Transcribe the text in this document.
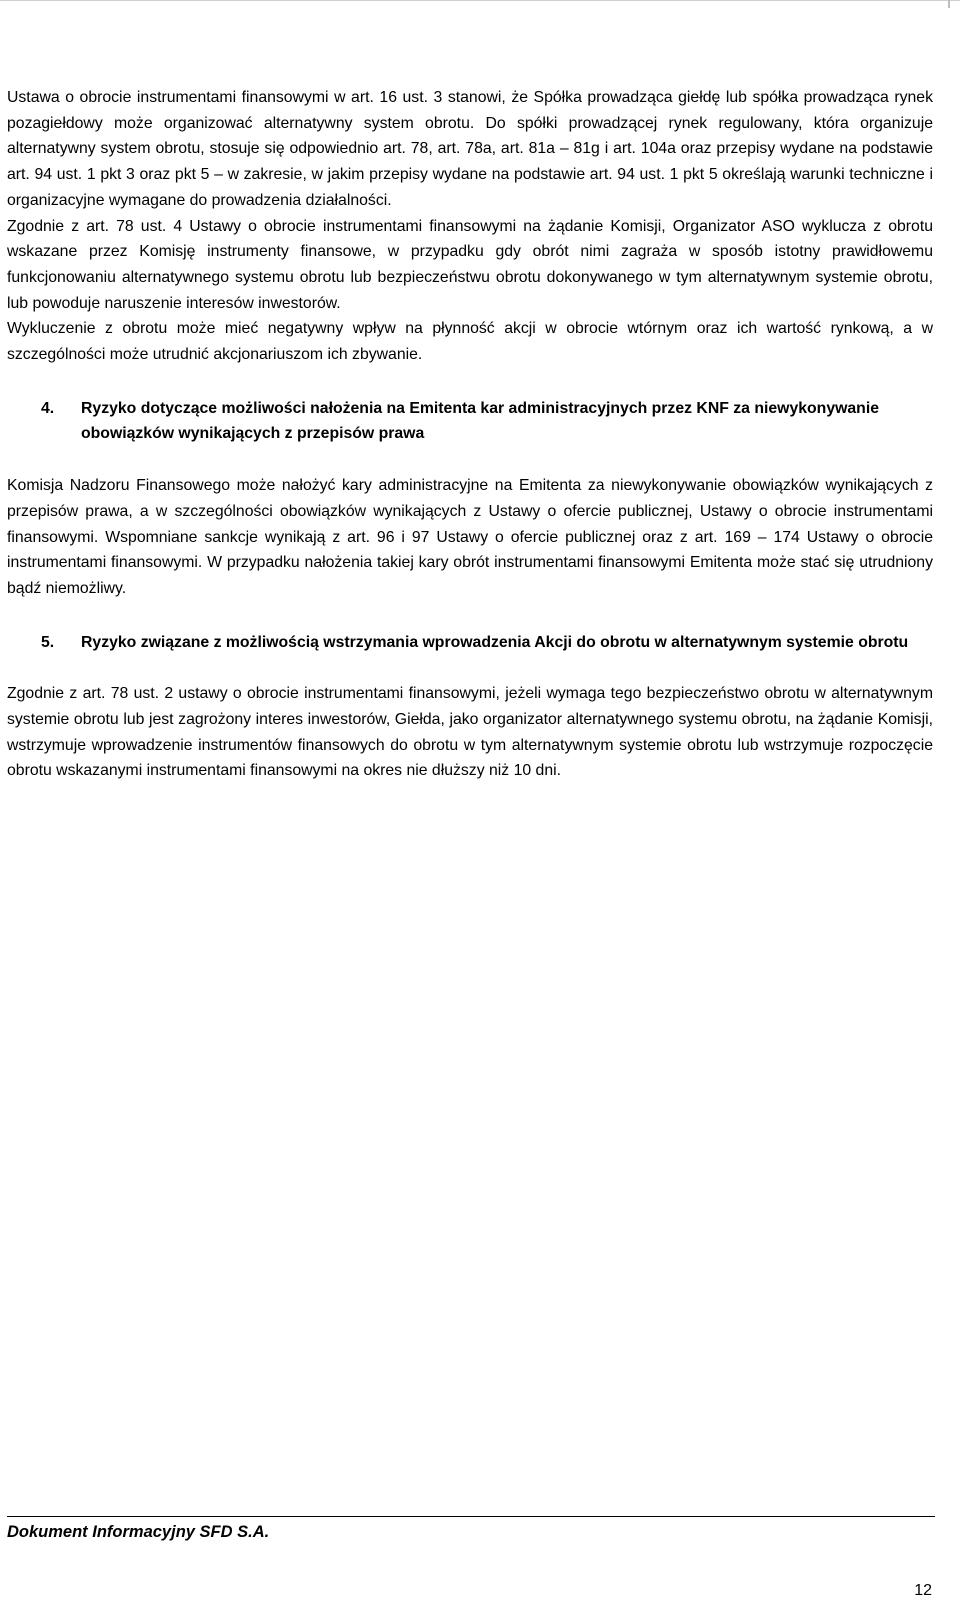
Ustawa o obrocie instrumentami finansowymi w art. 16 ust. 3 stanowi, że Spółka prowadząca giełdę lub spółka prowadząca rynek pozagiełdowy może organizować alternatywny system obrotu. Do spółki prowadzącej rynek regulowany, która organizuje alternatywny system obrotu, stosuje się odpowiednio art. 78, art. 78a, art. 81a – 81g i art. 104a oraz przepisy wydane na podstawie art. 94 ust. 1 pkt 3 oraz pkt 5 – w zakresie, w jakim przepisy wydane na podstawie art. 94 ust. 1 pkt 5 określają warunki techniczne i organizacyjne wymagane do prowadzenia działalności.

Zgodnie z art. 78 ust. 4 Ustawy o obrocie instrumentami finansowymi na żądanie Komisji, Organizator ASO wyklucza z obrotu wskazane przez Komisję instrumenty finansowe, w przypadku gdy obrót nimi zagraża w sposób istotny prawidłowemu funkcjonowaniu alternatywnego systemu obrotu lub bezpieczeństwu obrotu dokonywanego w tym alternatywnym systemie obrotu, lub powoduje naruszenie interesów inwestorów.

Wykluczenie z obrotu może mieć negatywny wpływ na płynność akcji w obrocie wtórnym oraz ich wartość rynkową, a w szczególności może utrudnić akcjonariuszom ich zbywanie.

4.	Ryzyko dotyczące możliwości nałożenia na Emitenta kar administracyjnych przez KNF za niewykonywanie obowiązków wynikających z przepisów prawa

Komisja Nadzoru Finansowego może nałożyć kary administracyjne na Emitenta za niewykonywanie obowiązków wynikających z przepisów prawa, a w szczególności obowiązków wynikających z Ustawy o ofercie publicznej, Ustawy o obrocie instrumentami finansowymi. Wspomniane sankcje wynikają z art. 96 i 97 Ustawy o ofercie publicznej oraz z art. 169 – 174 Ustawy o obrocie instrumentami finansowymi. W przypadku nałożenia takiej kary obrót instrumentami finansowymi Emitenta może stać się utrudniony bądź niemożliwy.

5.	Ryzyko związane z możliwością wstrzymania wprowadzenia Akcji do obrotu w alternatywnym systemie obrotu

Zgodnie z art. 78 ust. 2 ustawy o obrocie instrumentami finansowymi, jeżeli wymaga tego bezpieczeństwo obrotu w alternatywnym systemie obrotu lub jest zagrożony interes inwestorów, Giełda, jako organizator alternatywnego systemu obrotu, na żądanie Komisji, wstrzymuje wprowadzenie instrumentów finansowych do obrotu w tym alternatywnym systemie obrotu lub wstrzymuje rozpoczęcie obrotu wskazanymi instrumentami finansowymi na okres nie dłuższy niż 10 dni.

Dokument Informacyjny SFD S.A.
12
